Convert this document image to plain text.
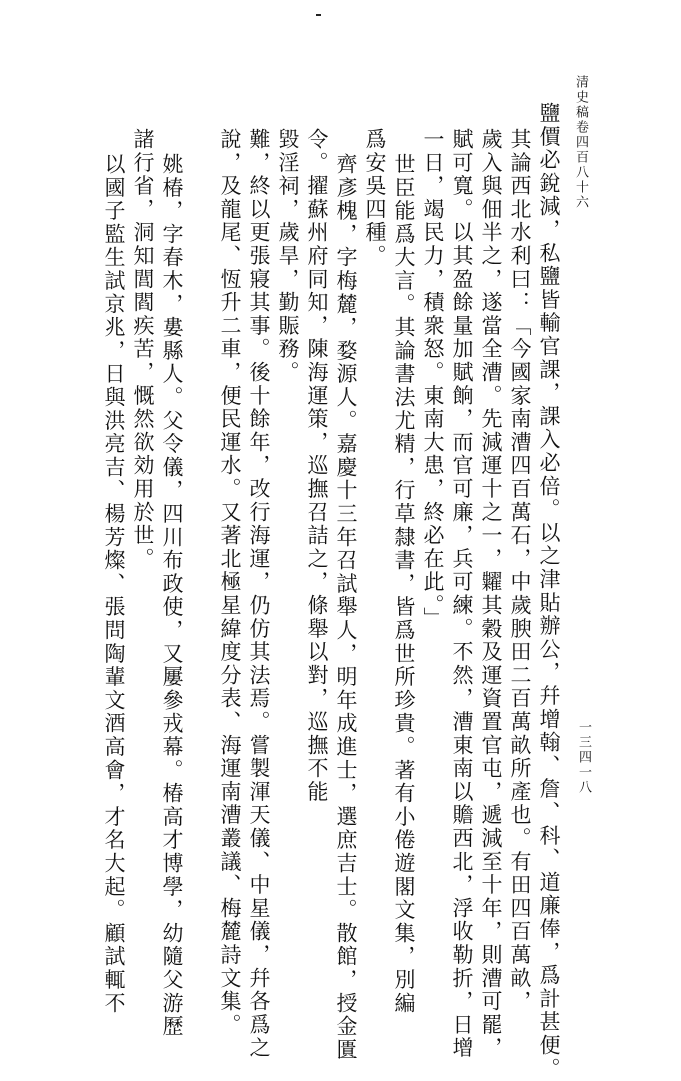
清史稿卷四百八十六
一三四一八
鹽價必銳減，私鹽皆輸官課，課入必倍。以之津貼辦公，幷增翰、詹、科、道廉俸，爲計甚便。
其論西北水利曰：「今國家南漕四百萬石，中歲腴田二百萬畝所產也。有田四百萬畝，
歲入與佃半之，遂當全漕。先減運十之一，糶其穀及運資置官屯，遞減至十年，則漕可罷，
賦可寬。以其盈餘量加賦餉，而官可廉，兵可練。不然，漕東南以贍西北，浮收勒折，日增
一日，竭民力，積衆怒。東南大患，終必在此。」
世臣能爲大言。其論書法尤精，行草隸書，皆爲世所珍貴。著有小倦遊閣文集，別編
爲安吳四種。
齊彥槐，字梅麓，婺源人。嘉慶十三年召試舉人，明年成進士，選庶吉士。散館，授金匱
令。擢蘇州府同知，陳海運策，巡撫召詰之，條舉以對，巡撫不能
毀淫祠，歲旱，勤賑務。
難，終以更張寢其事。後十餘年，改行海運，仍仿其法焉。嘗製渾天儀、中星儀，幷各爲之
說，及龍尾、恆升二車，便民運水。又著北極星緯度分表、海運南漕叢議、梅麓詩文集。
姚椿，字春木，婁縣人。父令儀，四川布政使，又屢參戎幕。椿高才博學，幼隨父游歷
諸行省，洞知閭閻疾苦，慨然欲効用於世。
以國子監生試京兆，日與洪亮吉、楊芳燦、張問陶輩文酒高會，才名大起。顧試輒不
